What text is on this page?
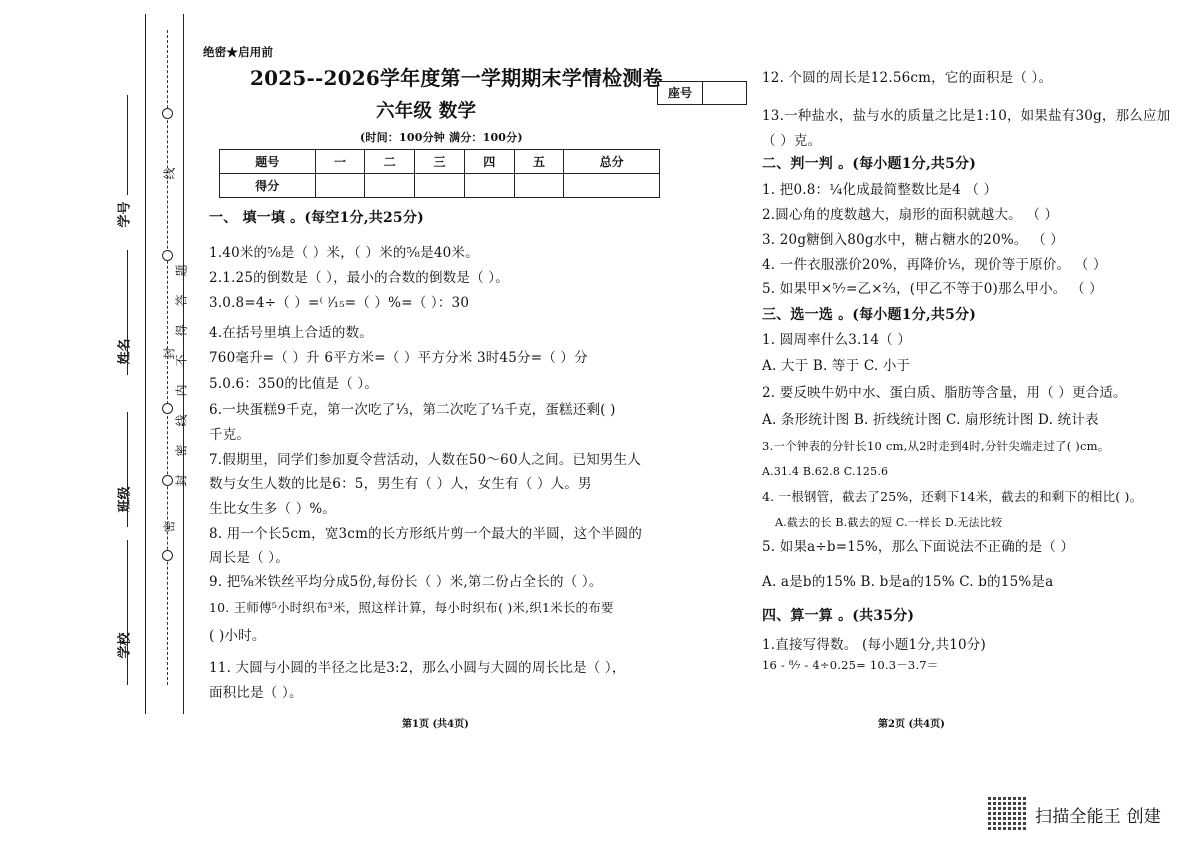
线
题
答
得
不
内
线
封
密
封
密
学校
班级
姓名
学号
绝密★启用前
2025--2026学年度第一学期期末学情检测卷
六年级 数学
(时间：100分钟 满分：100分)
座号
题号	一	二	三	四	五	总分
得分						
一、 填一填 。(每空1分,共25分)
1.40米的⁵⁄₈是（ ）米，（ ）米的⁵⁄₈是40米。
2.1.25的倒数是（ ），最小的合数的倒数是（ ）。
3.0.8=4÷（ ）=⁽ ⁾⁄₁₅=（ ）%=（ ）：30
4.在括号里填上合适的数。
760毫升=（ ）升 6平方米=（ ）平方分米 3时45分=（ ）分
5.0.6：350的比值是（ ）。
6.一块蛋糕9千克，第一次吃了⅓，第二次吃了⅓千克，蛋糕还剩( )
千克。
7.假期里，同学们参加夏令营活动，人数在50～60人之间。已知男生人
数与女生人数的比是6：5，男生有（ ）人，女生有（ ）人。男
生比女生多（ ）%。
8. 用一个长5cm，宽3cm的长方形纸片剪一个最大的半圆，这个半圆的
周长是（ ）。
9. 把⅝米铁丝平均分成5份,每份长（ ）米,第二份占全长的（ ）。
10. 王师傅⁵小时织布³米，照这样计算，每小时织布( )米,织1米长的布要
( )小时。
11. 大圆与小圆的半径之比是3:2，那么小圆与大圆的周长比是（ ），
面积比是（ ）。
第1页 (共4页)
12. 个圆的周长是12.56cm，它的面积是（ ）。
13.一种盐水，盐与水的质量之比是1:10，如果盐有30g，那么应加
（ ）克。
二、判一判 。(每小题1分,共5分)
1. 把0.8：¼化成最简整数比是4 （ ）
2.圆心角的度数越大，扇形的面积就越大。 （ ）
3. 20g糖倒入80g水中，糖占糖水的20%。 （ ）
4. 一件衣服涨价20%，再降价⅕，现价等于原价。 （ ）
5. 如果甲×⁵⁄₇=乙×⅔，(甲乙不等于0)那么甲小。 （ ）
三、选一选 。(每小题1分,共5分)
1. 圆周率什么3.14（ ）
A. 大于 B. 等于 C. 小于
2. 要反映牛奶中水、蛋白质、脂肪等含量，用（ ）更合适。
A. 条形统计图 B. 折线统计图 C. 扇形统计图 D. 统计表
3.一个钟表的分针长10 cm,从2时走到4时,分针尖端走过了( )cm。
A.31.4 B.62.8 C.125.6
4. 一根钢管，截去了25%，还剩下14米，截去的和剩下的相比( )。
A.截去的长 B.截去的短 C.一样长 D.无法比较
5. 如果a÷b=15%，那么下面说法不正确的是（ ）
A. a是b的15% B. b是a的15% C. b的15%是a
四、算一算 。(共35分)
1.直接写得数。 (每小题1分,共10分)
16 - ⁸⁄₇ - 4÷0.25= 10.3－3.7＝
第2页 (共4页)
扫描全能王 创建
